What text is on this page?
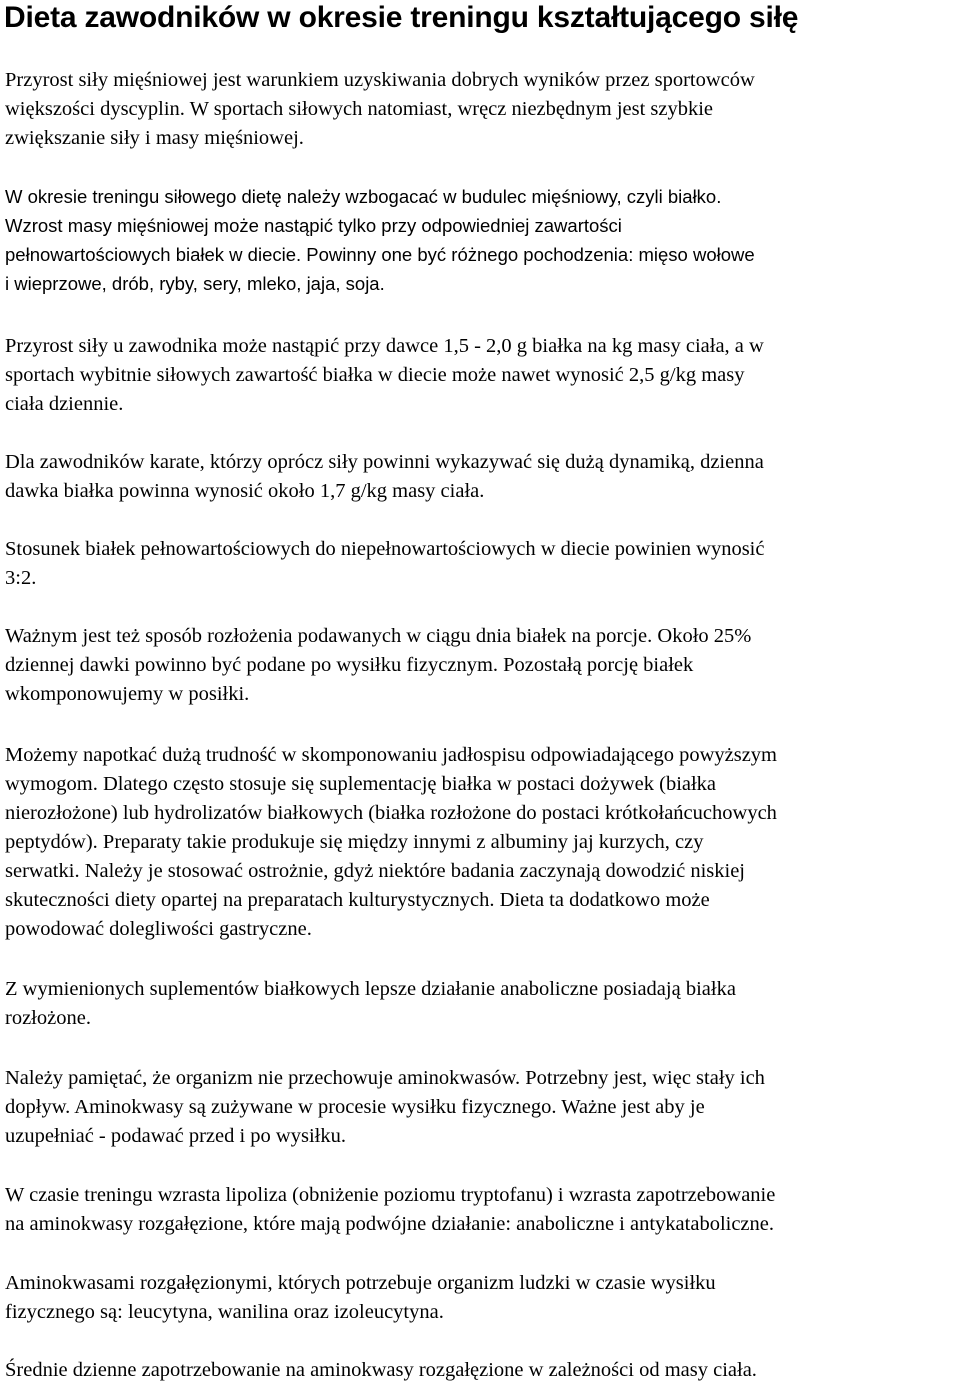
Dieta zawodników w okresie treningu kształtującego siłę

Przyrost siły mięśniowej jest warunkiem uzyskiwania dobrych wyników przez sportowców
większości dyscyplin. W sportach siłowych natomiast, wręcz niezbędnym jest szybkie
zwiększanie siły i masy mięśniowej.

W okresie treningu siłowego dietę należy wzbogacać w budulec mięśniowy, czyli białko.
Wzrost masy mięśniowej może nastąpić tylko przy odpowiedniej zawartości
pełnowartościowych białek w diecie. Powinny one być różnego pochodzenia: mięso wołowe
i wieprzowe, drób, ryby, sery, mleko, jaja, soja.

Przyrost siły u zawodnika może nastąpić przy dawce 1,5 - 2,0 g białka na kg masy ciała, a w
sportach wybitnie siłowych zawartość białka w diecie może nawet wynosić 2,5 g/kg masy
ciała dziennie.

Dla zawodników karate, którzy oprócz siły powinni wykazywać się dużą dynamiką, dzienna
dawka białka powinna wynosić około 1,7 g/kg masy ciała.

Stosunek białek pełnowartościowych do niepełnowartościowych w diecie powinien wynosić
3:2.

Ważnym jest też sposób rozłożenia podawanych w ciągu dnia białek na porcje. Około 25%
dziennej dawki powinno być podane po wysiłku fizycznym. Pozostałą porcję białek
wkomponowujemy w posiłki.

Możemy napotkać dużą trudność w skomponowaniu jadłospisu odpowiadającego powyższym
wymogom. Dlatego często stosuje się suplementację białka w postaci dożywek (białka
nierozłożone) lub hydrolizatów białkowych (białka rozłożone do postaci krótkołańcuchowych
peptydów). Preparaty takie produkuje się między innymi z albuminy jaj kurzych, czy
serwatki. Należy je stosować ostrożnie, gdyż niektóre badania zaczynają dowodzić niskiej
skuteczności diety opartej na preparatach kulturystycznych. Dieta ta dodatkowo może
powodować dolegliwości gastryczne.

Z wymienionych suplementów białkowych lepsze działanie anaboliczne posiadają białka
rozłożone.

Należy pamiętać, że organizm nie przechowuje aminokwasów. Potrzebny jest, więc stały ich
dopływ. Aminokwasy są zużywane w procesie wysiłku fizycznego. Ważne jest aby je
uzupełniać - podawać przed i po wysiłku.

W czasie treningu wzrasta lipoliza (obniżenie poziomu tryptofanu) i wzrasta zapotrzebowanie
na aminokwasy rozgałęzione, które mają podwójne działanie: anaboliczne i antykataboliczne.

Aminokwasami rozgałęzionymi, których potrzebuje organizm ludzki w czasie wysiłku
fizycznego są: leucytyna, wanilina oraz izoleucytyna.

Średnie dzienne zapotrzebowanie na aminokwasy rozgałęzione w zależności od masy ciała.
